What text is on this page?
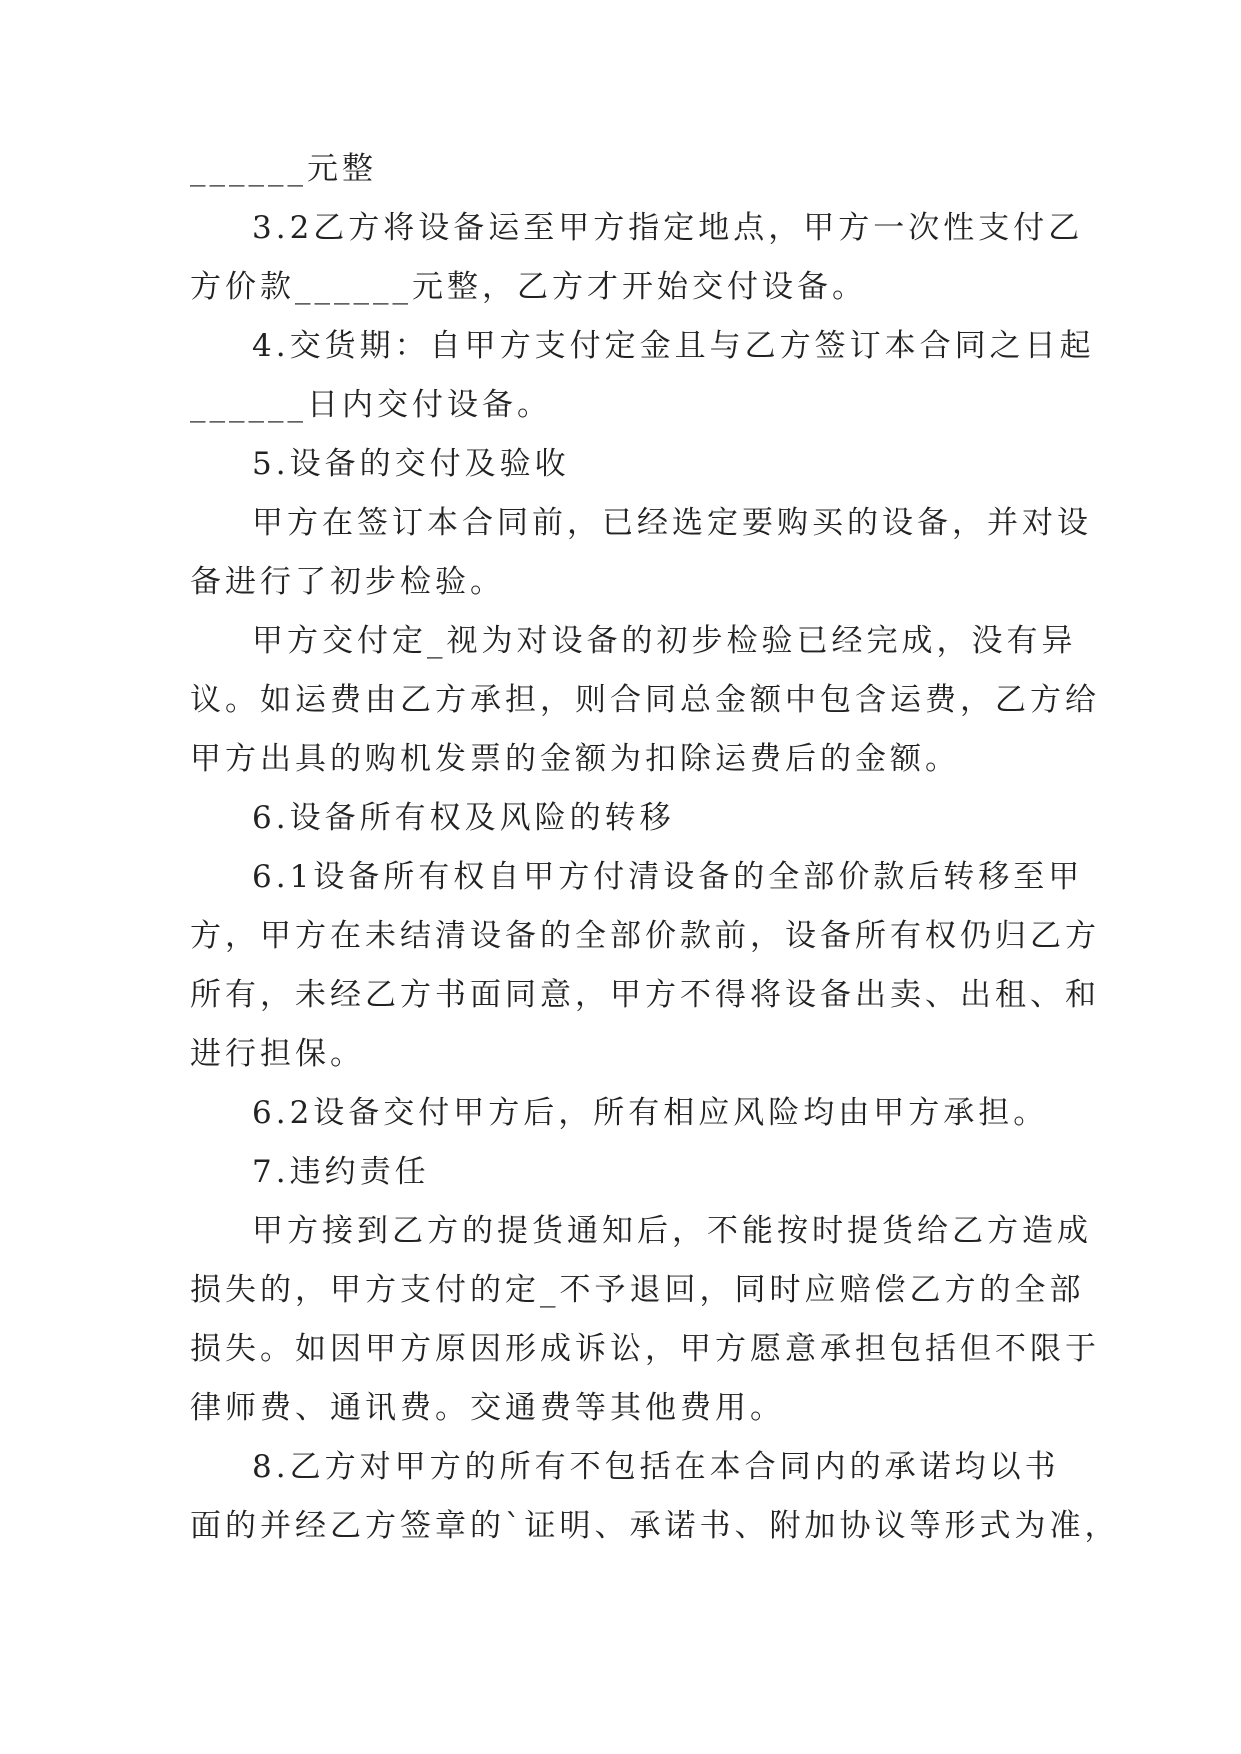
______元整

3.2乙方将设备运至甲方指定地点，甲方一次性支付乙
方价款______元整，乙方才开始交付设备。

4.交货期：自甲方支付定金且与乙方签订本合同之日起
______日内交付设备。

5.设备的交付及验收

甲方在签订本合同前，已经选定要购买的设备，并对设
备进行了初步检验。

甲方交付定_视为对设备的初步检验已经完成，没有异
议。如运费由乙方承担，则合同总金额中包含运费，乙方给
甲方出具的购机发票的金额为扣除运费后的金额。

6.设备所有权及风险的转移

6.1设备所有权自甲方付清设备的全部价款后转移至甲
方，甲方在未结清设备的全部价款前，设备所有权仍归乙方
所有，未经乙方书面同意，甲方不得将设备出卖、出租、和
进行担保。

6.2设备交付甲方后，所有相应风险均由甲方承担。

7.违约责任

甲方接到乙方的提货通知后，不能按时提货给乙方造成
损失的，甲方支付的定_不予退回，同时应赔偿乙方的全部
损失。如因甲方原因形成诉讼，甲方愿意承担包括但不限于
律师费、通讯费。交通费等其他费用。

8.乙方对甲方的所有不包括在本合同内的承诺均以书
面的并经乙方签章的`证明、承诺书、附加协议等形式为准，
